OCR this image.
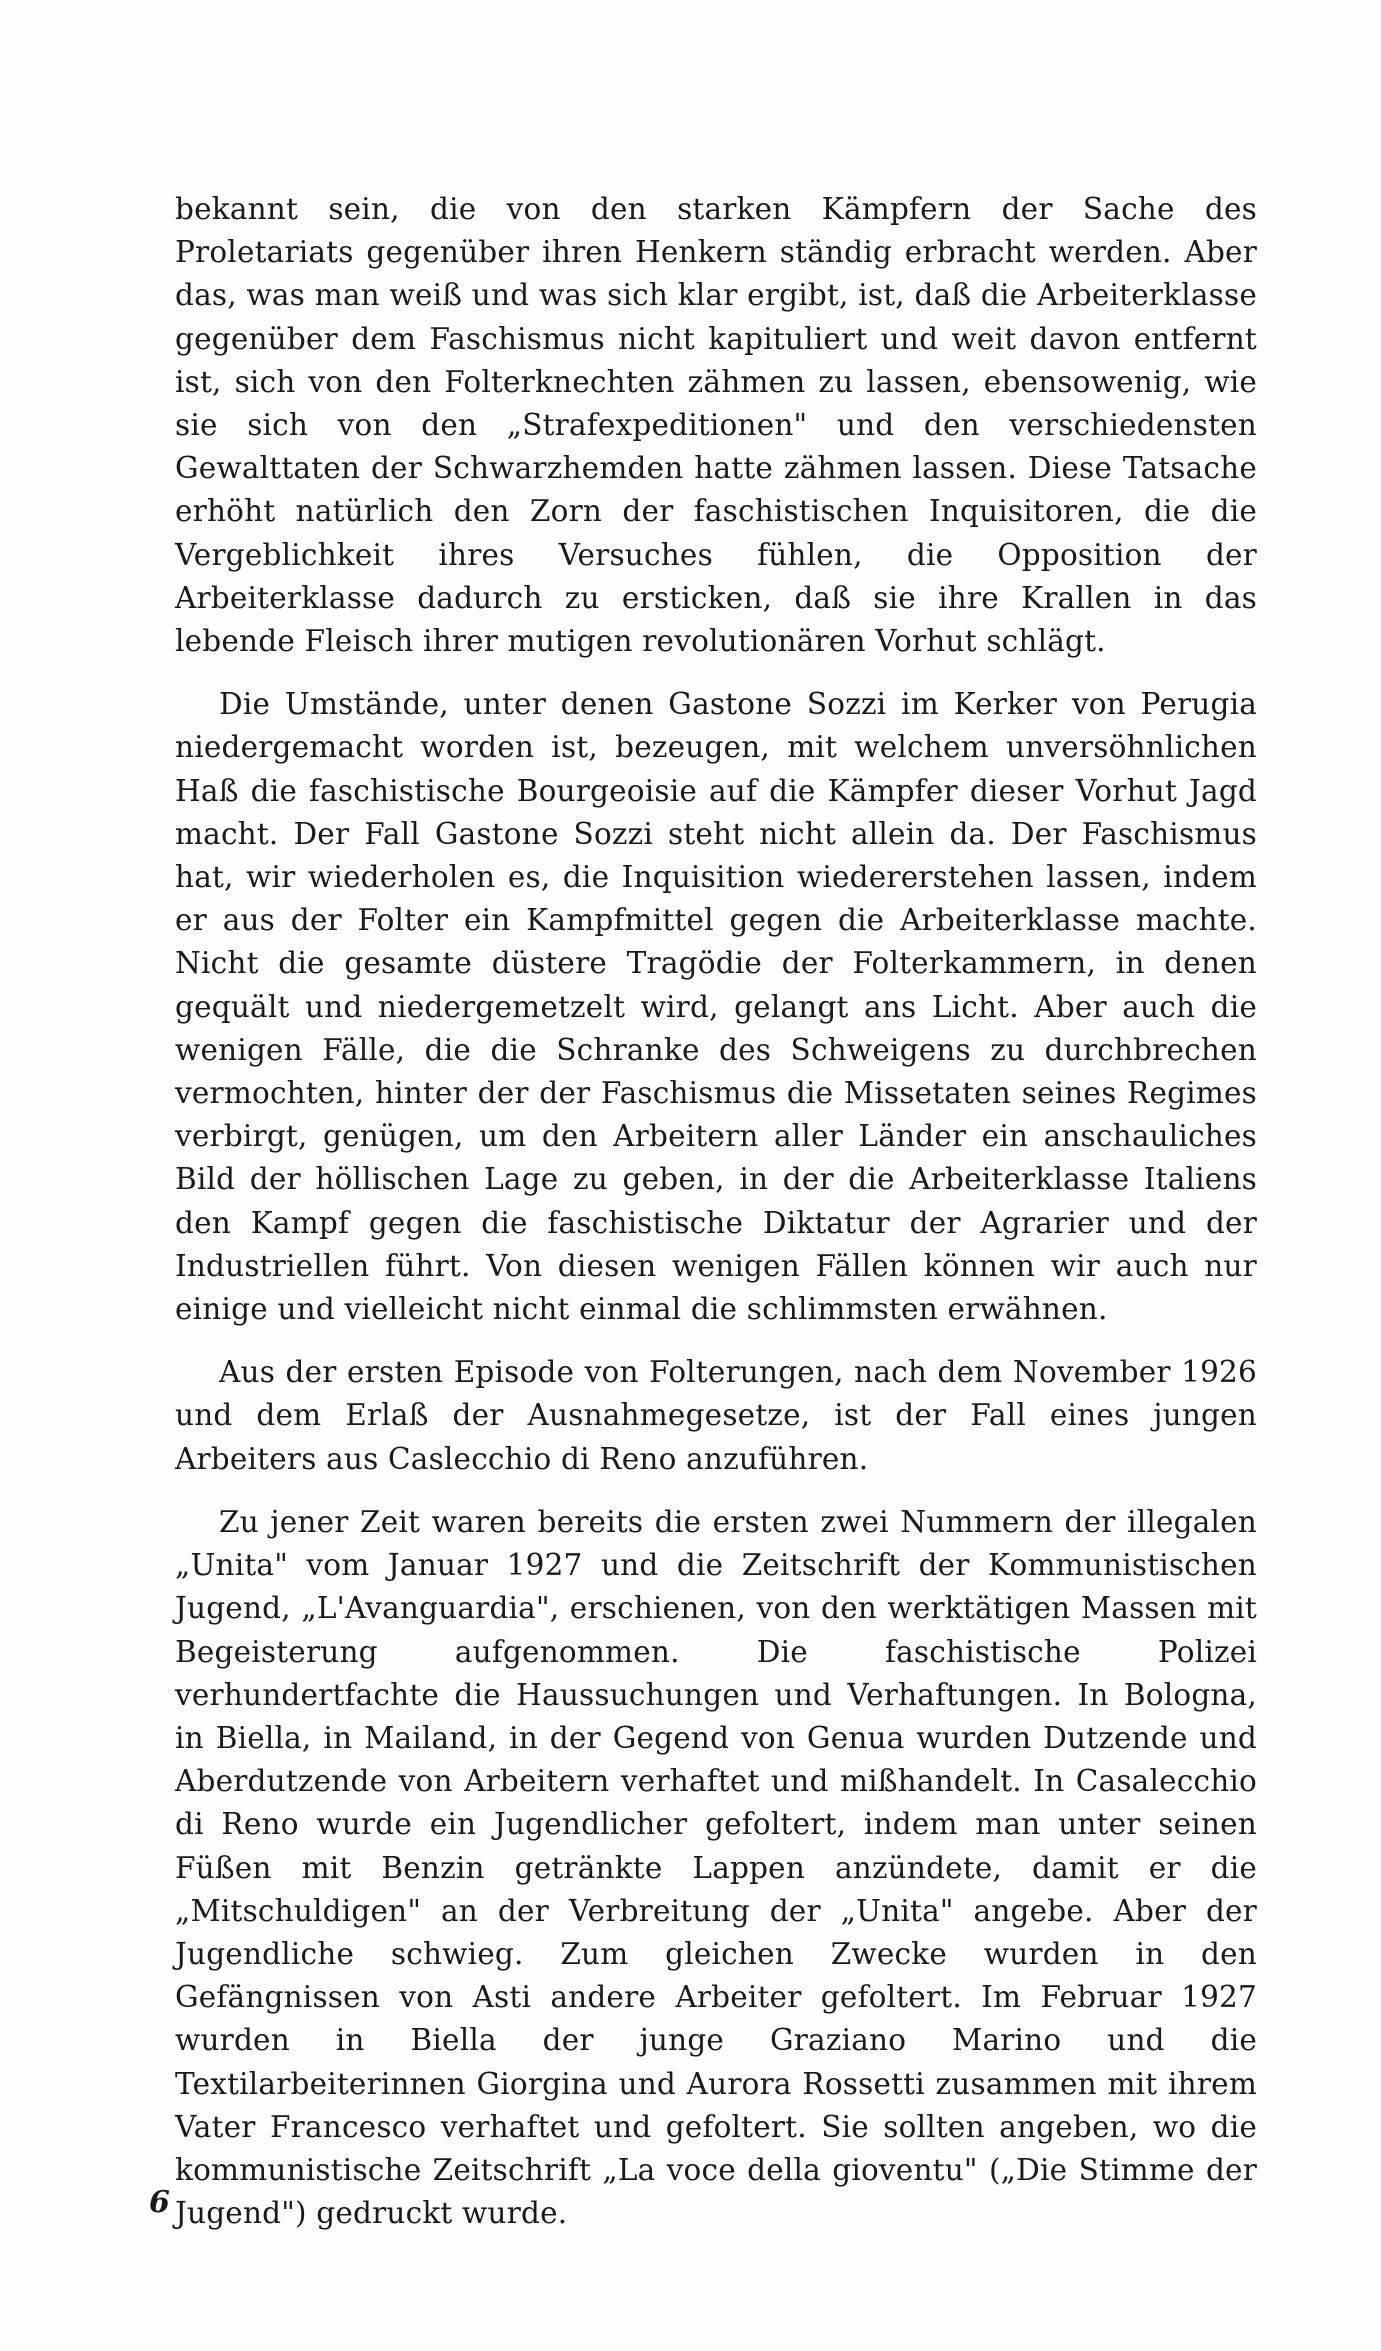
bekannt sein, die von den starken Kämpfern der Sache des Proletariats gegenüber ihren Henkern ständig erbracht werden. Aber das, was man weiß und was sich klar ergibt, ist, daß die Arbeiterklasse gegenüber dem Faschismus nicht kapituliert und weit davon entfernt ist, sich von den Folterknechten zähmen zu lassen, ebensowenig, wie sie sich von den „Strafexpeditionen" und den verschiedensten Gewalttaten der Schwarzhemden hatte zähmen lassen. Diese Tatsache erhöht natürlich den Zorn der faschistischen Inquisitoren, die die Vergeblichkeit ihres Versuches fühlen, die Opposition der Arbeiterklasse dadurch zu ersticken, daß sie ihre Krallen in das lebende Fleisch ihrer mutigen revolutionären Vorhut schlägt.

Die Umstände, unter denen Gastone Sozzi im Kerker von Perugia niedergemacht worden ist, bezeugen, mit welchem unversöhnlichen Haß die faschistische Bourgeoisie auf die Kämpfer dieser Vorhut Jagd macht. Der Fall Gastone Sozzi steht nicht allein da. Der Faschismus hat, wir wiederholen es, die Inquisition wiedererstehen lassen, indem er aus der Folter ein Kampfmittel gegen die Arbeiterklasse machte. Nicht die gesamte düstere Tragödie der Folterkammern, in denen gequält und niedergemetzelt wird, gelangt ans Licht. Aber auch die wenigen Fälle, die die Schranke des Schweigens zu durchbrechen vermochten, hinter der der Faschismus die Missetaten seines Regimes verbirgt, genügen, um den Arbeitern aller Länder ein anschauliches Bild der höllischen Lage zu geben, in der die Arbeiterklasse Italiens den Kampf gegen die faschistische Diktatur der Agrarier und der Industriellen führt. Von diesen wenigen Fällen können wir auch nur einige und vielleicht nicht einmal die schlimmsten erwähnen.

Aus der ersten Episode von Folterungen, nach dem November 1926 und dem Erlaß der Ausnahmegesetze, ist der Fall eines jungen Arbeiters aus Caslecchio di Reno anzuführen.

Zu jener Zeit waren bereits die ersten zwei Nummern der illegalen „Unita" vom Januar 1927 und die Zeitschrift der Kommunistischen Jugend, „L'Avanguardia", erschienen, von den werktätigen Massen mit Begeisterung aufgenommen. Die faschistische Polizei verhundertfachte die Haussuchungen und Verhaftungen. In Bologna, in Biella, in Mailand, in der Gegend von Genua wurden Dutzende und Aberdutzende von Arbeitern verhaftet und mißhandelt. In Casalecchio di Reno wurde ein Jugendlicher gefoltert, indem man unter seinen Füßen mit Benzin getränkte Lappen anzündete, damit er die „Mitschuldigen" an der Verbreitung der „Unita" angebe. Aber der Jugendliche schwieg. Zum gleichen Zwecke wurden in den Gefängnissen von Asti andere Arbeiter gefoltert. Im Februar 1927 wurden in Biella der junge Graziano Marino und die Textilarbeiterinnen Giorgina und Aurora Rossetti zusammen mit ihrem Vater Francesco verhaftet und gefoltert. Sie sollten angeben, wo die kommunistische Zeitschrift „La voce della gioventu" („Die Stimme der Jugend") gedruckt wurde.

6
